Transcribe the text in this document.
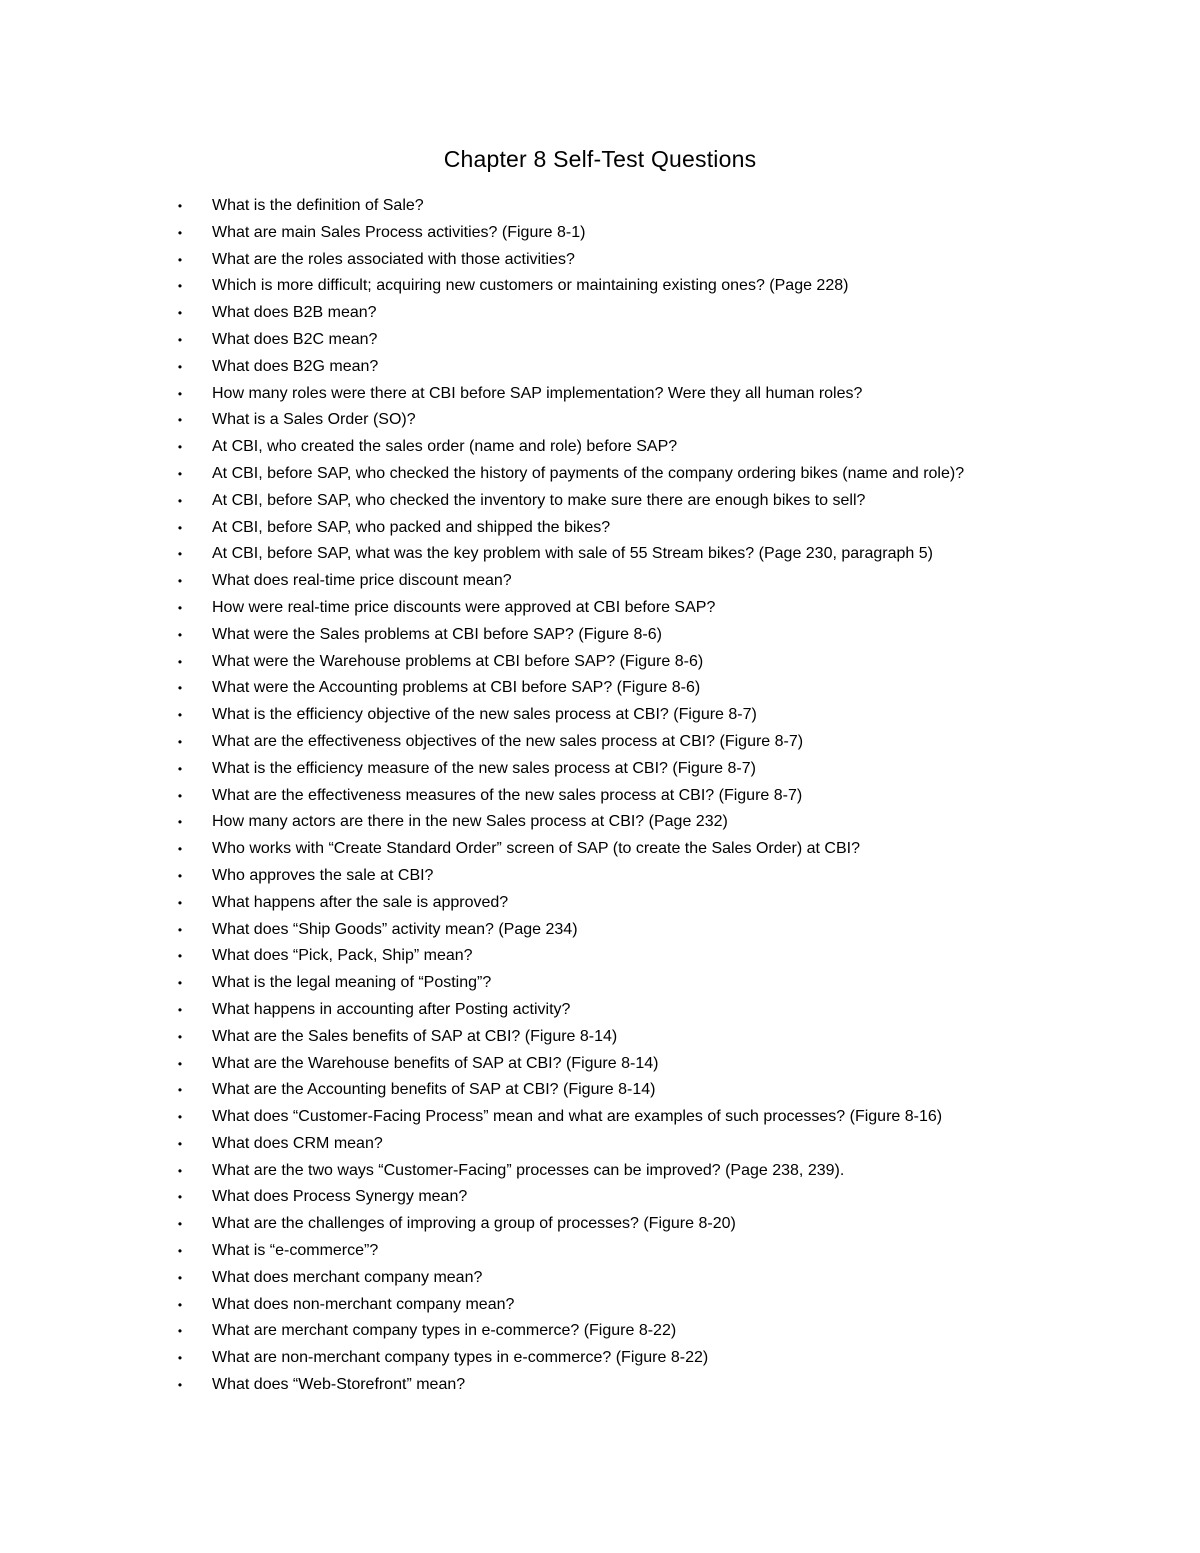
Chapter 8 Self-Test Questions
• What is the definition of Sale?
• What are main Sales Process activities? (Figure 8-1)
• What are the roles associated with those activities?
• Which is more difficult; acquiring new customers or maintaining existing ones? (Page 228)
• What does B2B mean?
• What does B2C mean?
• What does B2G mean?
• How many roles were there at CBI before SAP implementation? Were they all human roles?
• What is a Sales Order (SO)?
• At CBI, who created the sales order (name and role) before SAP?
• At CBI, before SAP, who checked the history of payments of the company ordering bikes (name and role)?
• At CBI, before SAP, who checked the inventory to make sure there are enough bikes to sell?
• At CBI, before SAP, who packed and shipped the bikes?
• At CBI, before SAP, what was the key problem with sale of 55 Stream bikes? (Page 230, paragraph 5)
• What does real-time price discount mean?
• How were real-time price discounts were approved at CBI before SAP?
• What were the Sales problems at CBI before SAP? (Figure 8-6)
• What were the Warehouse problems at CBI before SAP? (Figure 8-6)
• What were the Accounting problems at CBI before SAP? (Figure 8-6)
• What is the efficiency objective of the new sales process at CBI? (Figure 8-7)
• What are the effectiveness objectives of the new sales process at CBI? (Figure 8-7)
• What is the efficiency measure of the new sales process at CBI? (Figure 8-7)
• What are the effectiveness measures of the new sales process at CBI? (Figure 8-7)
• How many actors are there in the new Sales process at CBI? (Page 232)
• Who works with “Create Standard Order” screen of SAP (to create the Sales Order) at CBI?
• Who approves the sale at CBI?
• What happens after the sale is approved?
• What does “Ship Goods” activity mean? (Page 234)
• What does “Pick, Pack, Ship” mean?
• What is the legal meaning of “Posting”?
• What happens in accounting after Posting activity?
• What are the Sales benefits of SAP at CBI? (Figure 8-14)
• What are the Warehouse benefits of SAP at CBI? (Figure 8-14)
• What are the Accounting benefits of SAP at CBI? (Figure 8-14)
• What does “Customer-Facing Process” mean and what are examples of such processes? (Figure 8-16)
• What does CRM mean?
• What are the two ways “Customer-Facing” processes can be improved? (Page 238, 239).
• What does Process Synergy mean?
• What are the challenges of improving a group of processes? (Figure 8-20)
• What is “e-commerce”?
• What does merchant company mean?
• What does non-merchant company mean?
• What are merchant company types in e-commerce? (Figure 8-22)
• What are non-merchant company types in e-commerce? (Figure 8-22)
• What does “Web-Storefront” mean?
